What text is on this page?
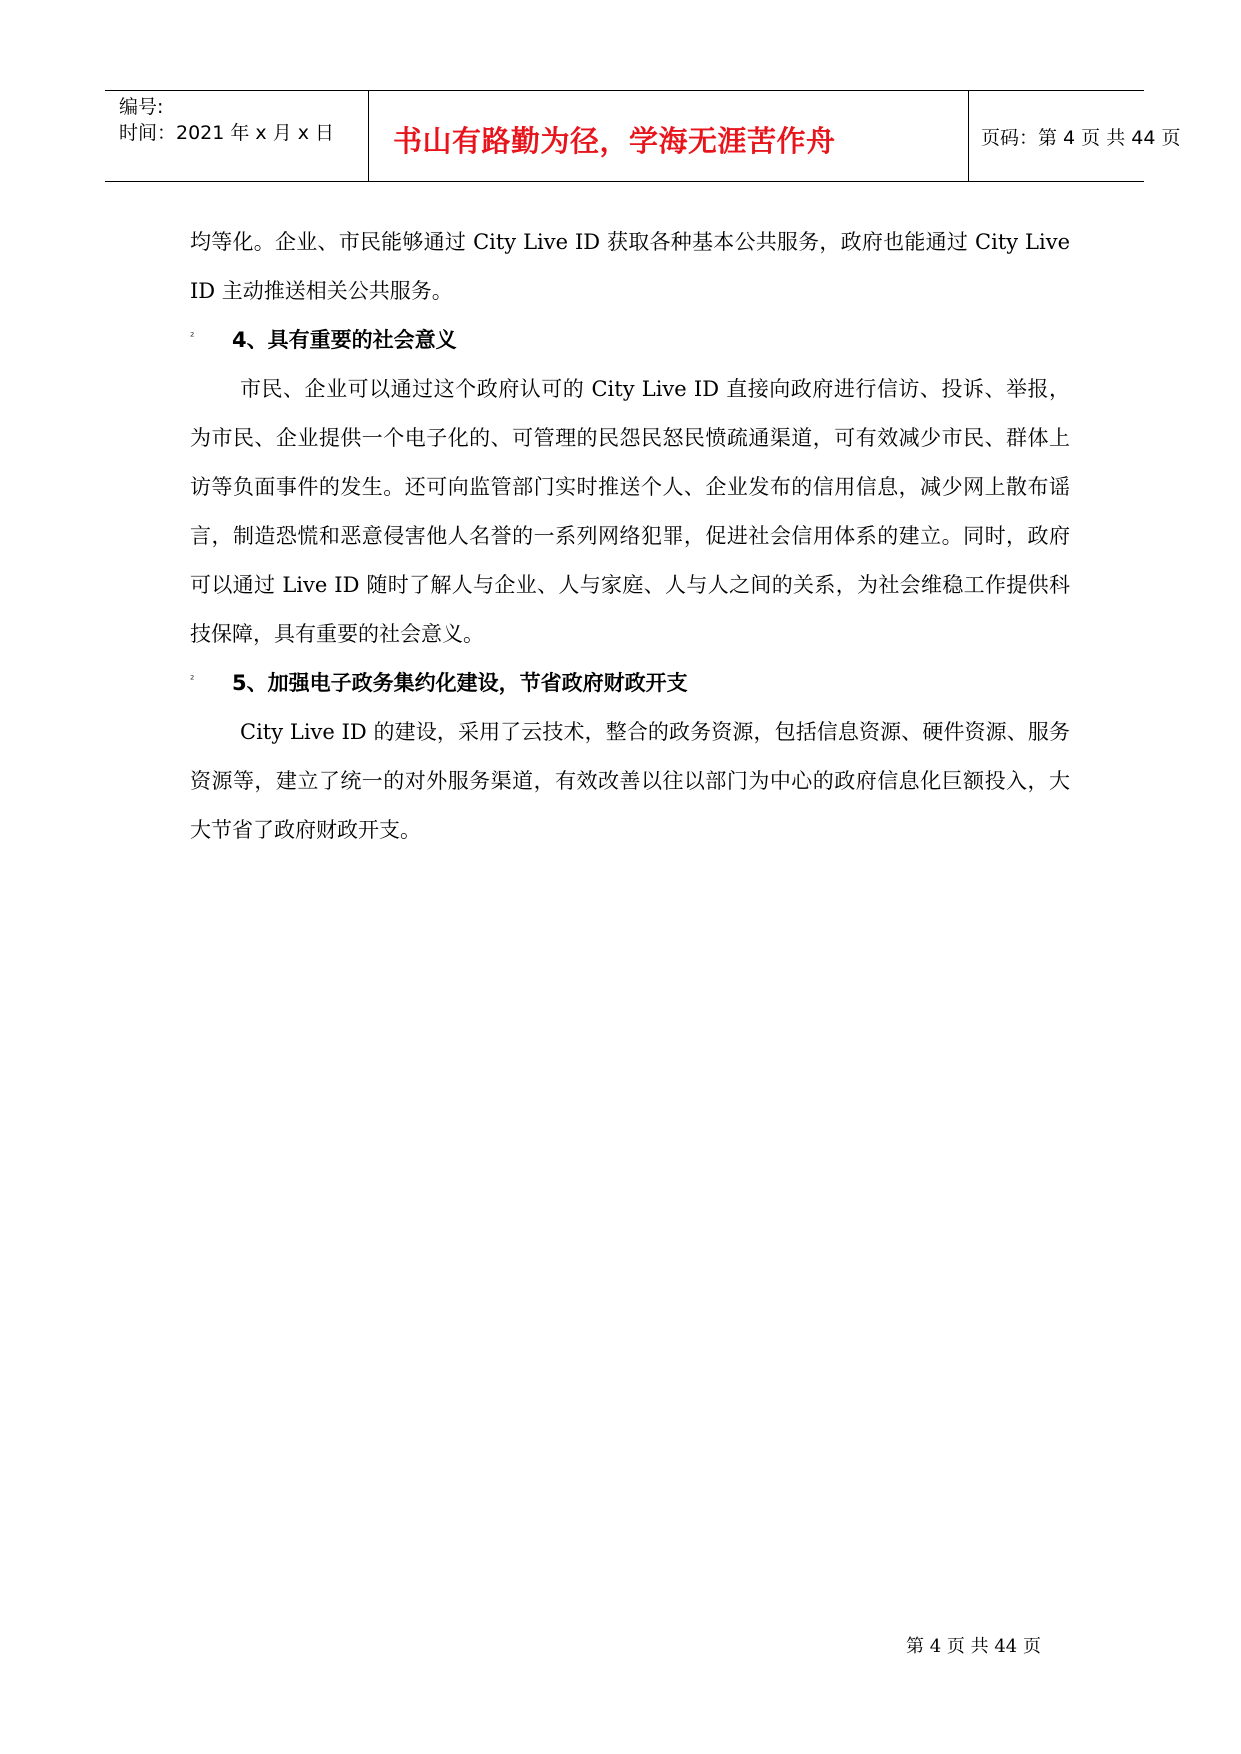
编号:
时间：2021 年 x 月 x 日 书山有路勤为径，学海无涯苦作舟	页码：第 4 页 共 44 页

均等化。企业、市民能够通过 City Live ID 获取各种基本公共服务，政府也能通过 City Live ID 主动推送相关公共服务。

² 4、具有重要的社会意义

市民、企业可以通过这个政府认可的 City Live ID 直接向政府进行信访、投诉、举报，为市民、企业提供一个电子化的、可管理的民怨民怒民愤疏通渠道，可有效减少市民、群体上访等负面事件的发生。还可向监管部门实时推送个人、企业发布的信用信息，减少网上散布谣言，制造恐慌和恶意侵害他人名誉的一系列网络犯罪，促进社会信用体系的建立。同时，政府可以通过 Live ID 随时了解人与企业、人与家庭、人与人之间的关系，为社会维稳工作提供科技保障，具有重要的社会意义。

² 5、加强电子政务集约化建设，节省政府财政开支

City Live ID 的建设，采用了云技术，整合的政务资源，包括信息资源、硬件资源、服务资源等，建立了统一的对外服务渠道，有效改善以往以部门为中心的政府信息化巨额投入，大大节省了政府财政开支。

第 4 页 共 44 页
